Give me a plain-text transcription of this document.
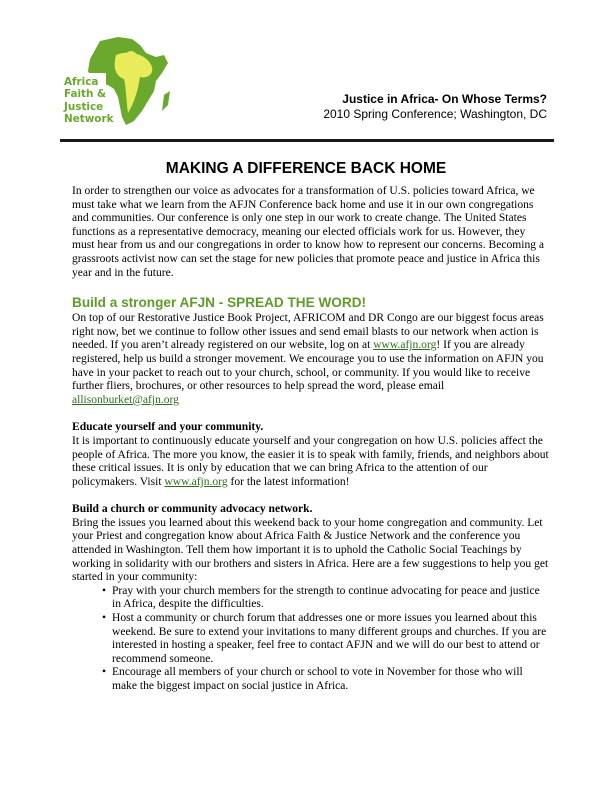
Africa
Faith &
Justice
Network
Justice in Africa- On Whose Terms?
2010 Spring Conference; Washington, DC
MAKING A DIFFERENCE BACK HOME

In order to strengthen our voice as advocates for a transformation of U.S. policies toward Africa, we must take what we learn from the AFJN Conference back home and use it in our own congregations and communities. Our conference is only one step in our work to create change. The United States functions as a representative democracy, meaning our elected officials work for us. However, they must hear from us and our congregations in order to know how to represent our concerns. Becoming a grassroots activist now can set the stage for new policies that promote peace and justice in Africa this year and in the future.

Build a stronger AFJN - SPREAD THE WORD!

On top of our Restorative Justice Book Project, AFRICOM and DR Congo are our biggest focus areas right now, bet we continue to follow other issues and send email blasts to our network when action is needed. If you aren’t already registered on our website, log on at www.afjn.org! If you are already registered, help us build a stronger movement. We encourage you to use the information on AFJN you have in your packet to reach out to your church, school, or community. If you would like to receive further fliers, brochures, or other resources to help spread the word, please email allisonburket@afjn.org

Educate yourself and your community.

It is important to continuously educate yourself and your congregation on how U.S. policies affect the people of Africa. The more you know, the easier it is to speak with family, friends, and neighbors about these critical issues. It is only by education that we can bring Africa to the attention of our policymakers. Visit www.afjn.org for the latest information!

Build a church or community advocacy network.

Bring the issues you learned about this weekend back to your home congregation and community. Let your Priest and congregation know about Africa Faith & Justice Network and the conference you attended in Washington. Tell them how important it is to uphold the Catholic Social Teachings by working in solidarity with our brothers and sisters in Africa. Here are a few suggestions to help you get started in your community:

• Pray with your church members for the strength to continue advocating for peace and justice in Africa, despite the difficulties.
• Host a community or church forum that addresses one or more issues you learned about this weekend. Be sure to extend your invitations to many different groups and churches. If you are interested in hosting a speaker, feel free to contact AFJN and we will do our best to attend or recommend someone.
• Encourage all members of your church or school to vote in November for those who will make the biggest impact on social justice in Africa.
